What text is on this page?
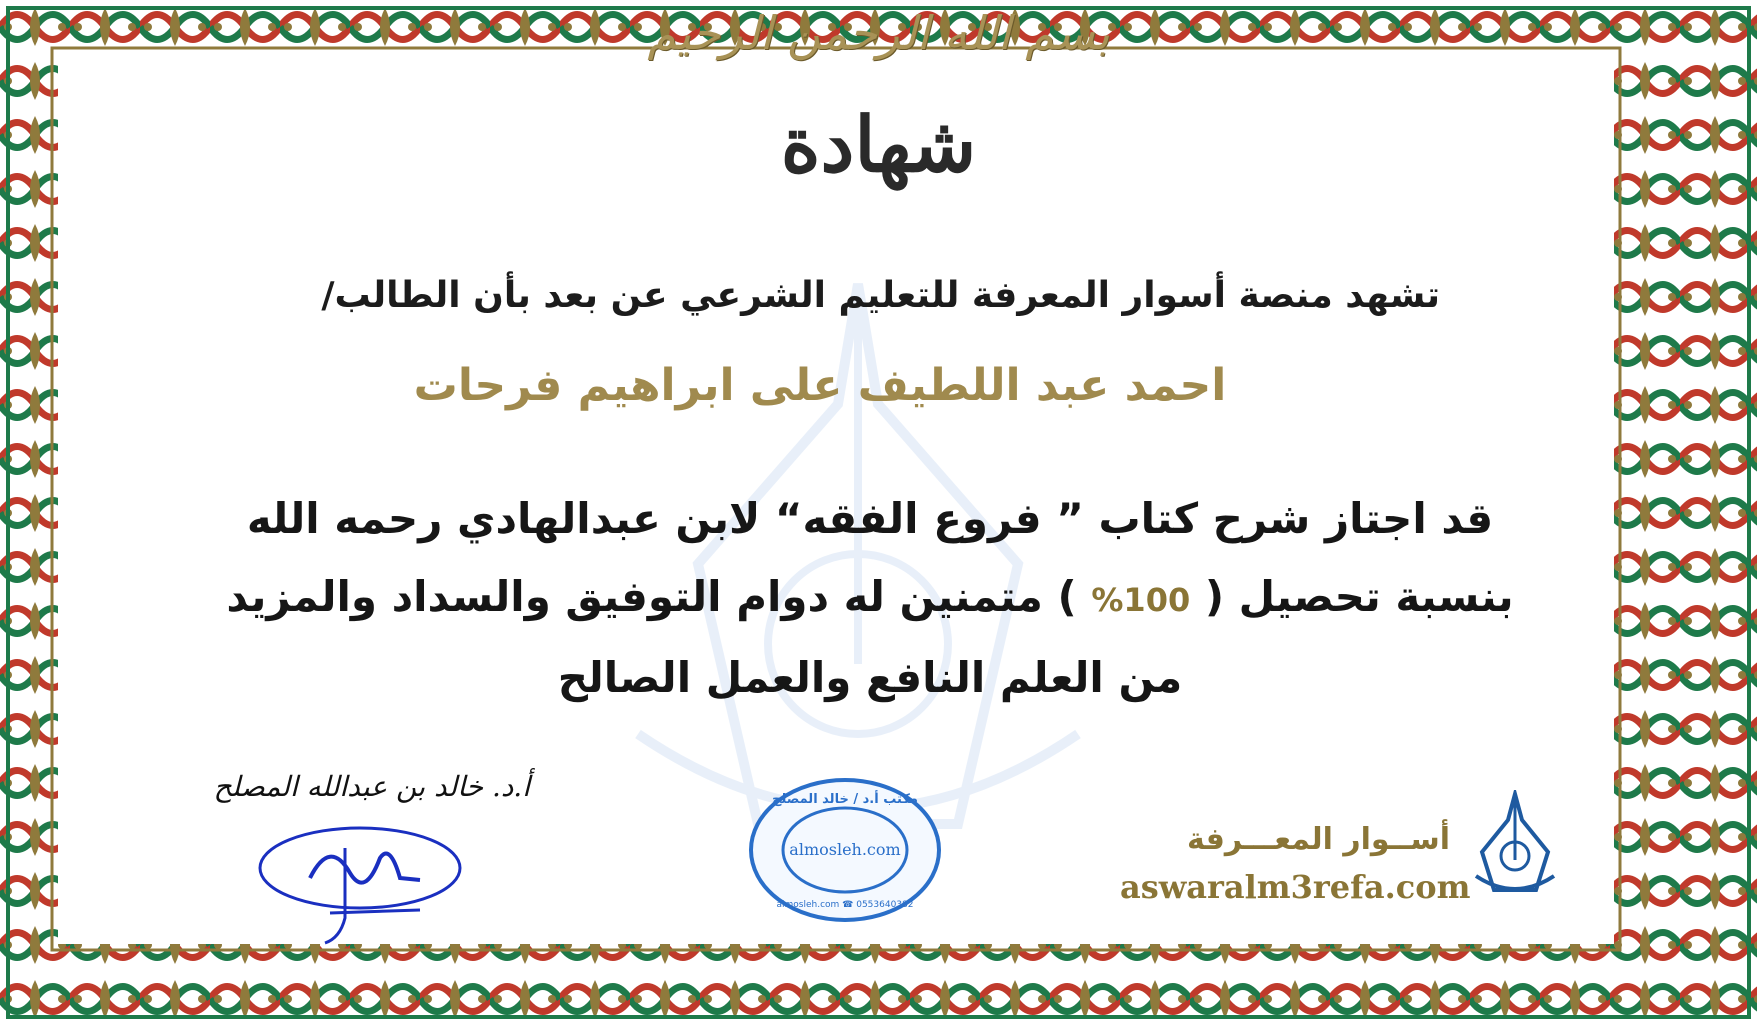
بسم الله الرحمن الرحيم
شهادة
تشهد منصة أسوار المعرفة للتعليم الشرعي عن بعد بأن الطالب/
احمد عبد اللطيف على ابراهيم فرحات
قد اجتاز شرح كتاب ” فروع الفقه“ لابن عبدالهادي رحمه الله
بنسبة تحصيل ( 100% ) متمنين له دوام التوفيق والسداد والمزيد
من العلم النافع والعمل الصالح
أ.د. خالد بن عبدالله المصلح	مكتب أ.د / خالد المصلح
almosleh.com
almosleh.com ☎ 0553640382
أســوار المعـــرفة
aswaralm3refa.com
